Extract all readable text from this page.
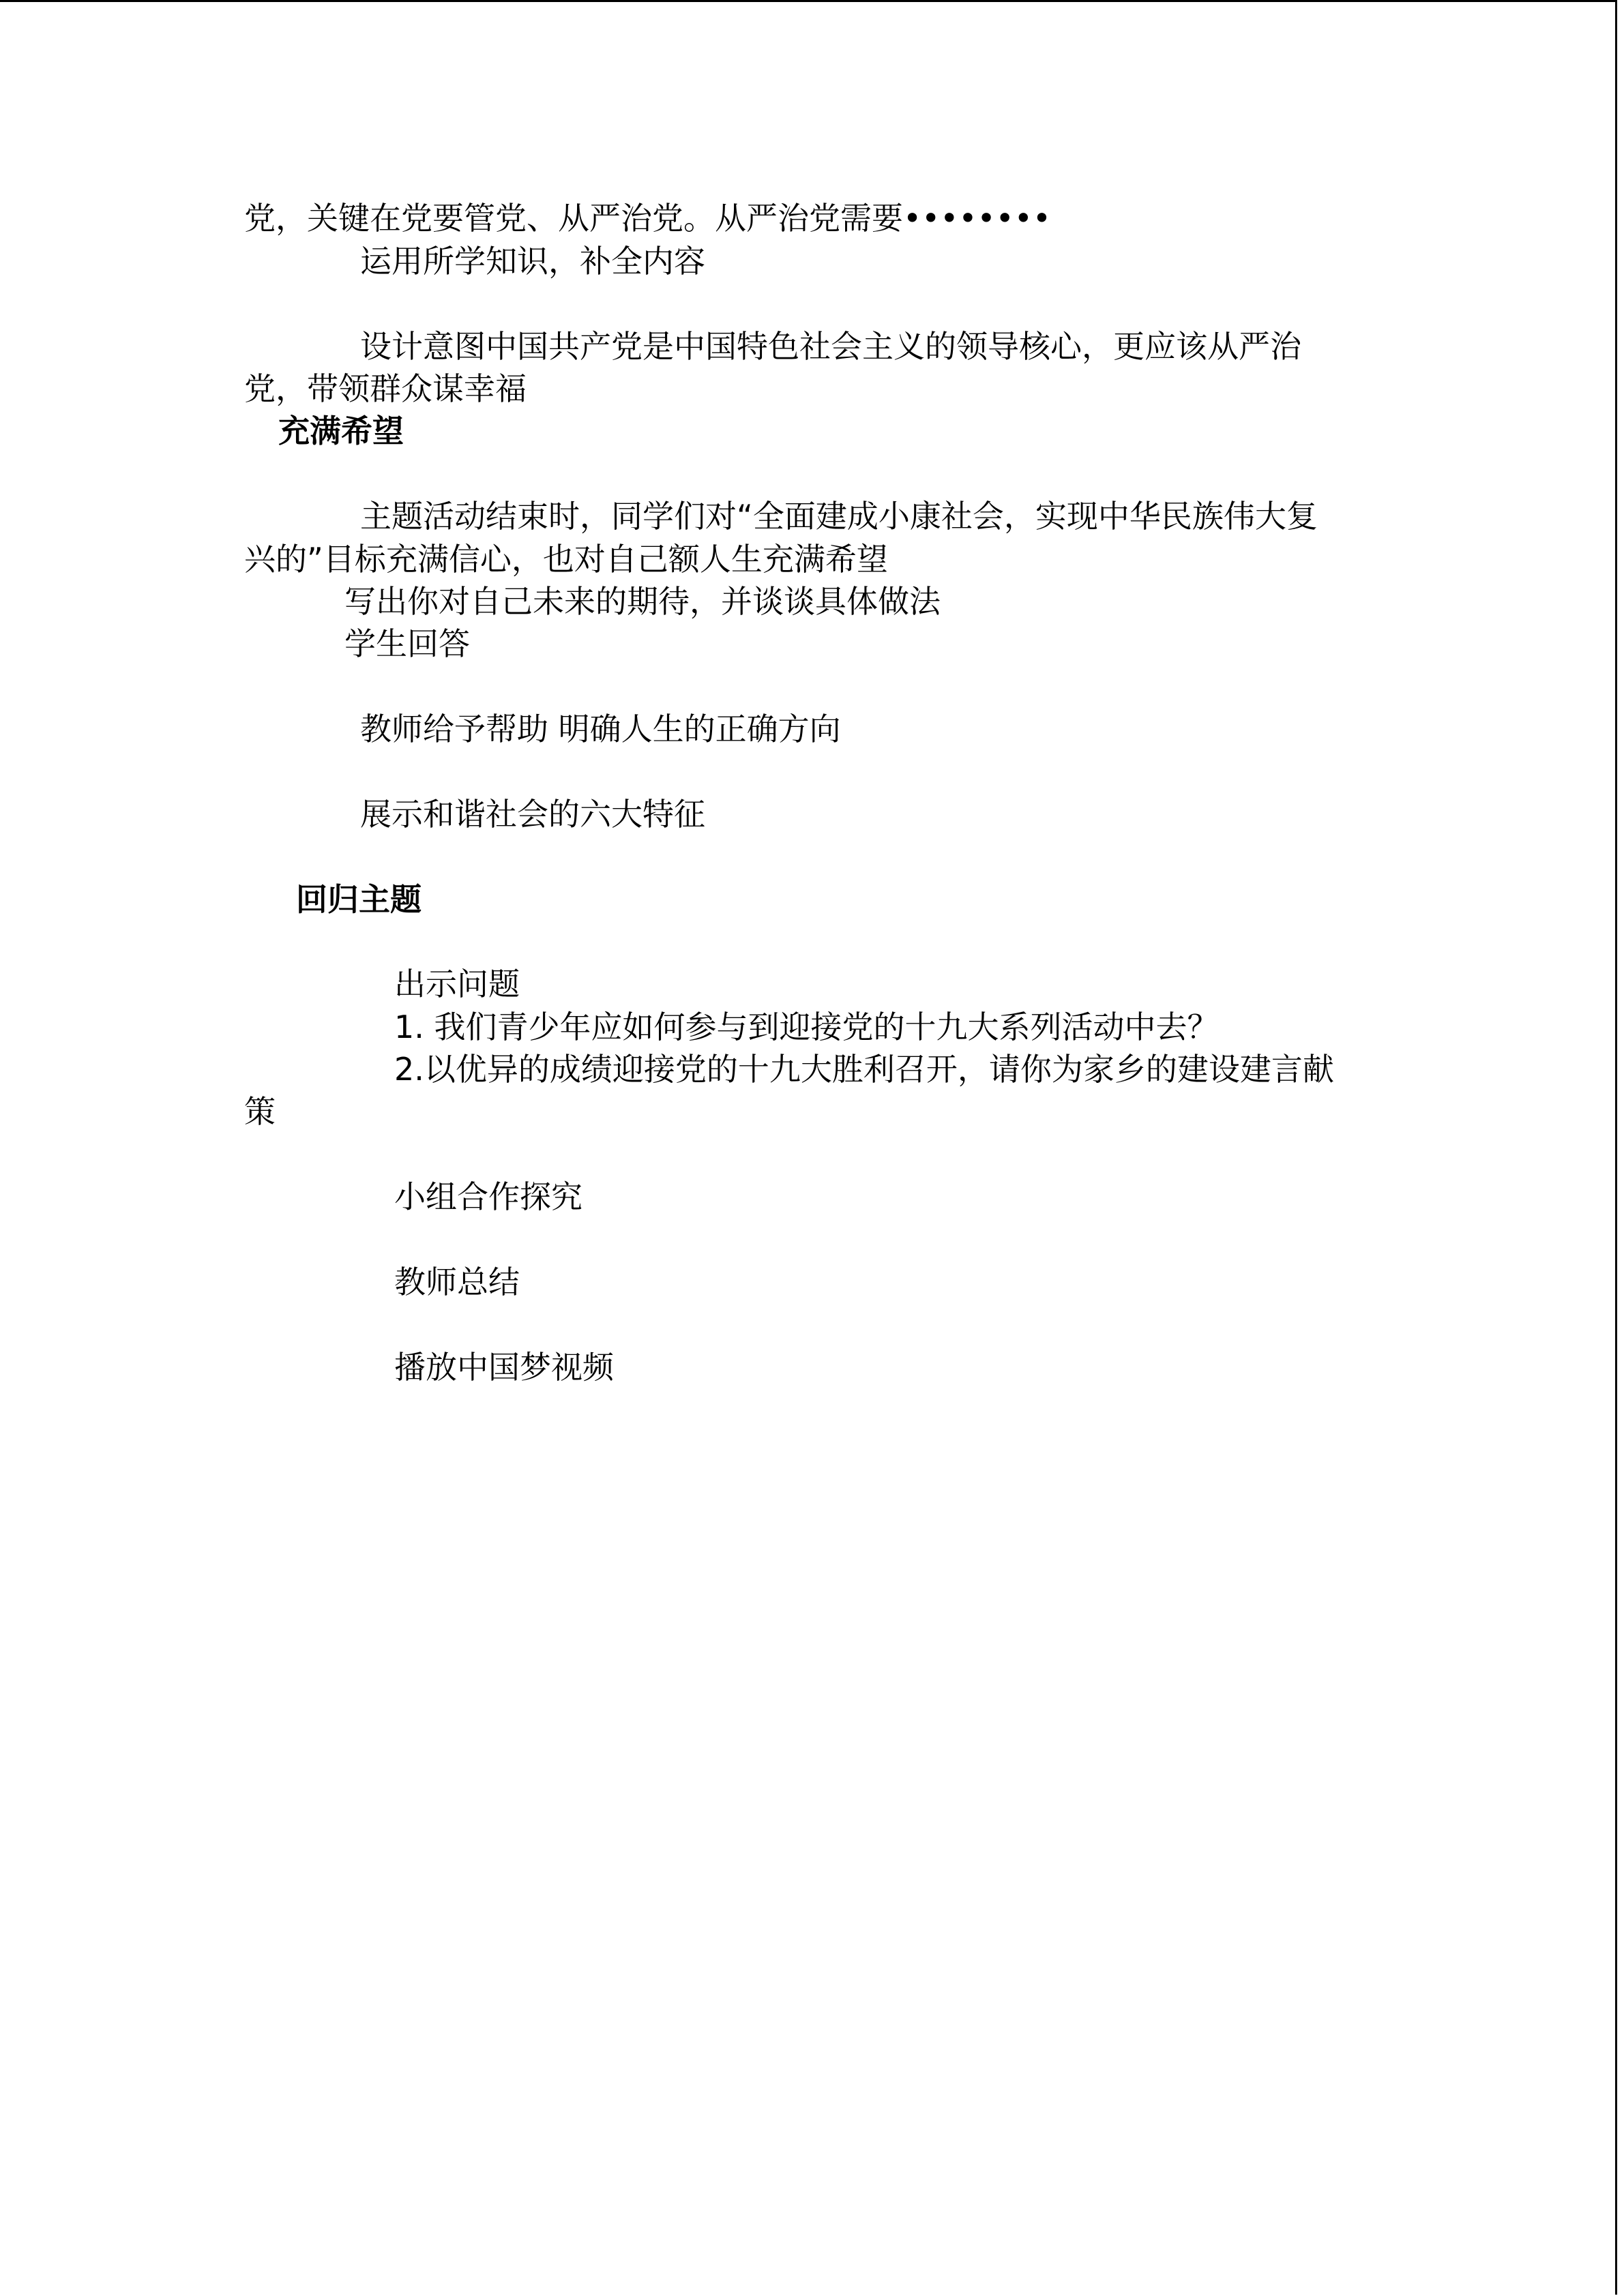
党，关键在党要管党、从严治党。从严治党需要••••••••

运用所学知识，补全内容

设计意图中国共产党是中国特色社会主义的领导核心，更应该从严治

党，带领群众谋幸福

充满希望

主题活动结束时，同学们对“全面建成小康社会，实现中华民族伟大复

兴的”目标充满信心，也对自己额人生充满希望

写出你对自己未来的期待，并谈谈具体做法

学生回答

教师给予帮助 明确人生的正确方向

展示和谐社会的六大特征

回归主题

出示问题

1. 我们青少年应如何参与到迎接党的十九大系列活动中去？

2.以优异的成绩迎接党的十九大胜利召开，请你为家乡的建设建言献

策

小组合作探究

教师总结

播放中国梦视频
